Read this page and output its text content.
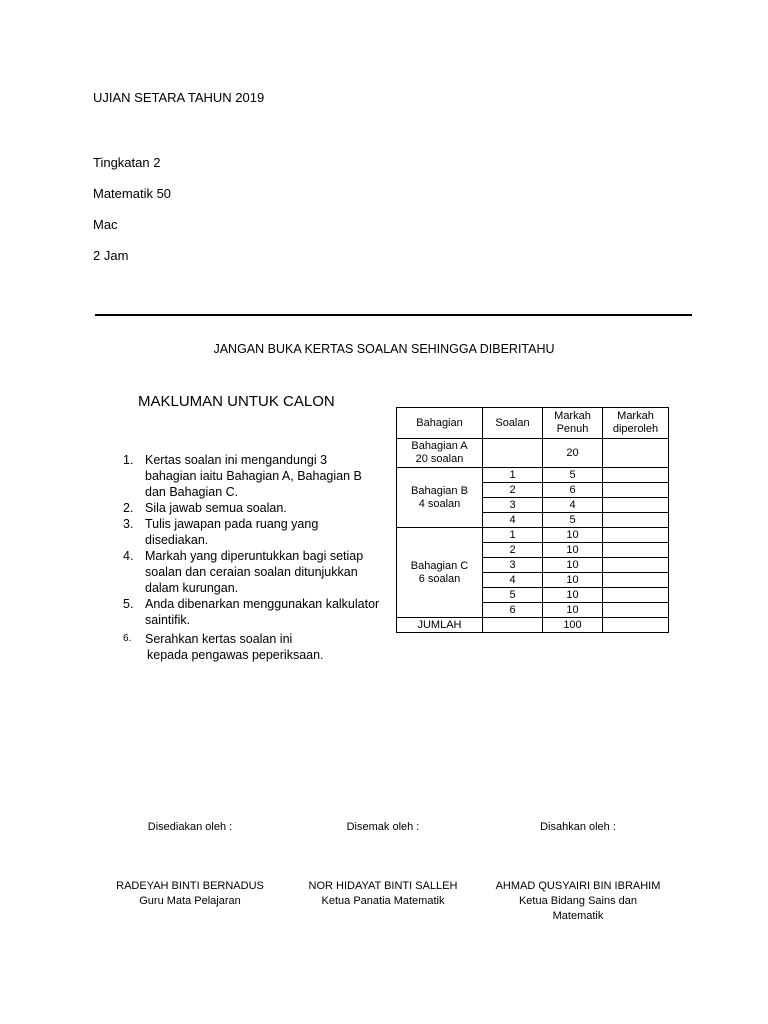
UJIAN SETARA TAHUN 2019
Tingkatan 2
Matematik 50
Mac
2 Jam
JANGAN BUKA KERTAS SOALAN SEHINGGA DIBERITAHU
MAKLUMAN UNTUK CALON
1. Kertas soalan ini mengandungi 3 bahagian iaitu Bahagian A, Bahagian B dan Bahagian C.
2. Sila jawab semua soalan.
3. Tulis jawapan pada ruang yang disediakan.
4. Markah yang diperuntukkan bagi setiap soalan dan ceraian soalan ditunjukkan dalam kurungan.
5. Anda dibenarkan menggunakan kalkulator saintifik.
6. Serahkan kertas soalan ini
kepada pengawas peperiksaan.
Bahagian	Soalan	Markah Penuh	Markah diperoleh
Bahagian A
20 soalan		20	
Bahagian B
4 soalan	1	5	
	2	6	
	3	4	
	4	5	
Bahagian C
6 soalan	1	10	
	2	10	
	3	10	
	4	10	
	5	10	
	6	10	
JUMLAH		100	
Disediakan oleh :	Disemak oleh :	Disahkan oleh :
RADEYAH BINTI BERNADUS
Guru Mata Pelajaran
NOR HIDAYAT BINTI SALLEH
Ketua Panatia Matematik
AHMAD QUSYAIRI BIN IBRAHIM
Ketua Bidang Sains dan Matematik
